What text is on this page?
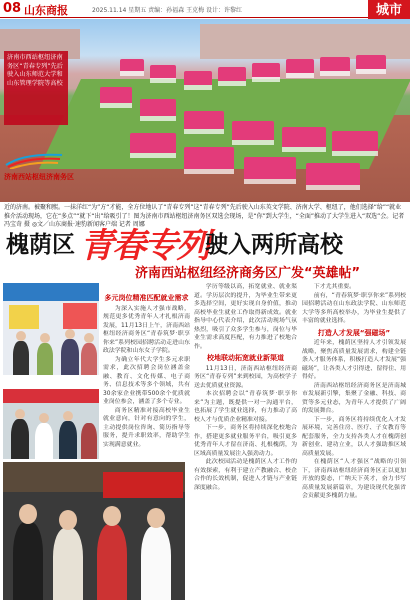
08 山东商报	2025.11.14 星期五 责编：孙福森 王克梅 设计：许黎红	城市

济南市西站枢纽济南务区“青春专列”先后驶入山东师范大学和山东管理学院等高校

济南西站枢纽济南务区
近的济南。被聚和熙。一抹洋红“为”方“才能，全方位地认了“青春专列”这“青春专列”先后驶入山东英文学院、济南大学、枢纽了，他们选择“给”“就业推介活动现场，它在“多点”“就下“出”给吸引了！图为济南市西站枢纽济南务区双选会现场，是“你”到大学生，“全面”推动了大学生进入“双选”会。记者 冯宝奇 摄 ◎文／山东商报·速豹新闻客户端 记者 周娜
槐荫区 青春专列
驶入两所高校
济南西站枢纽经济商务区广发“英雄帖”
多元岗位精准匹配就业需求

为深入实施人才强市战略，规范更多优秀青年人才扎根济南发展，11月13日上午，济南西站枢纽经济商务区“青春筑梦·职享你来”系列校园招聘活动走进山东政法学院和山东女子学院。

为确立年代大学生多元求职需求，此次招聘会岗位涵盖金融、教育、文化传媒、电子商务、信息技术等多个领域，共有30余家企业携带500余个优质就业岗位参会，涵盖了多个专业。

商务区精准对接高校毕业生就业意向，针对有意向的学生，主动提供岗位咨询、简历指导等服务，提升求职效率，帮助学生实现满意就业。

学历等级以高，拓宽就业、就业渠道。学历层次的提升，为毕业生带来更多选择空间，更好实现自身价值，推动高校毕业生就业工作取得新成效。就业指导中心代表介绍，此次活动现场气氛热烈，吸引了众多学生参与，岗位与毕业生需求高度匹配，有力推进了校地合作。

校地联动拓宽就业新渠道

11月13日，济南西站枢纽经济商务区“青春专列”来到校园，为高校学子送去优质就业资源。

本次招聘会以“青春筑梦·职享你来”为主题，既提供一对一沟通平台，也拓展了学生就业选择，有力推动了高校人才与优质企业精准对接。

下一步，商务区将持续深化校地合作，搭建更多就业服务平台，吸引更多优秀青年人才留在济南、扎根槐荫，为区域高质量发展注入强劲动力。

此次校园活动是槐荫区人才工作的有效探索，有利于建立产教融合、校企合作的长效机制，促进人才链与产业链深度融合。

下才尤其重要。

前有，“青春筑梦·职享你来”系列校园招聘活动在山东政法学院、山东师范大学等多所高校举办，为毕业生提供了丰富的就业选择。

打造人才发展“强磁场”

近年来，槐荫区坚持人才引领发展战略，聚焦高质量发展需求，构建全链条人才服务体系，积极打造人才发展“强磁场”，让各类人才引得进、留得住、用得好。

济南西站枢纽经济商务区是济南城市发展新引擎，集聚了金融、科技、商贸等多元业态，为青年人才提供了广阔的发展舞台。

下一步，商务区将持续优化人才发展环境，完善住房、医疗、子女教育等配套服务，全力支持各类人才在槐荫创新创业、建功立业，以人才强助推区域高质量发展。

在槐荫区“人才强区”战略的引领下，济南西站枢纽经济商务区正以更加开放的姿态，广纳天下英才，奋力书写高质量发展新篇章，为建设现代化强省会贡献更多槐荫力量。
